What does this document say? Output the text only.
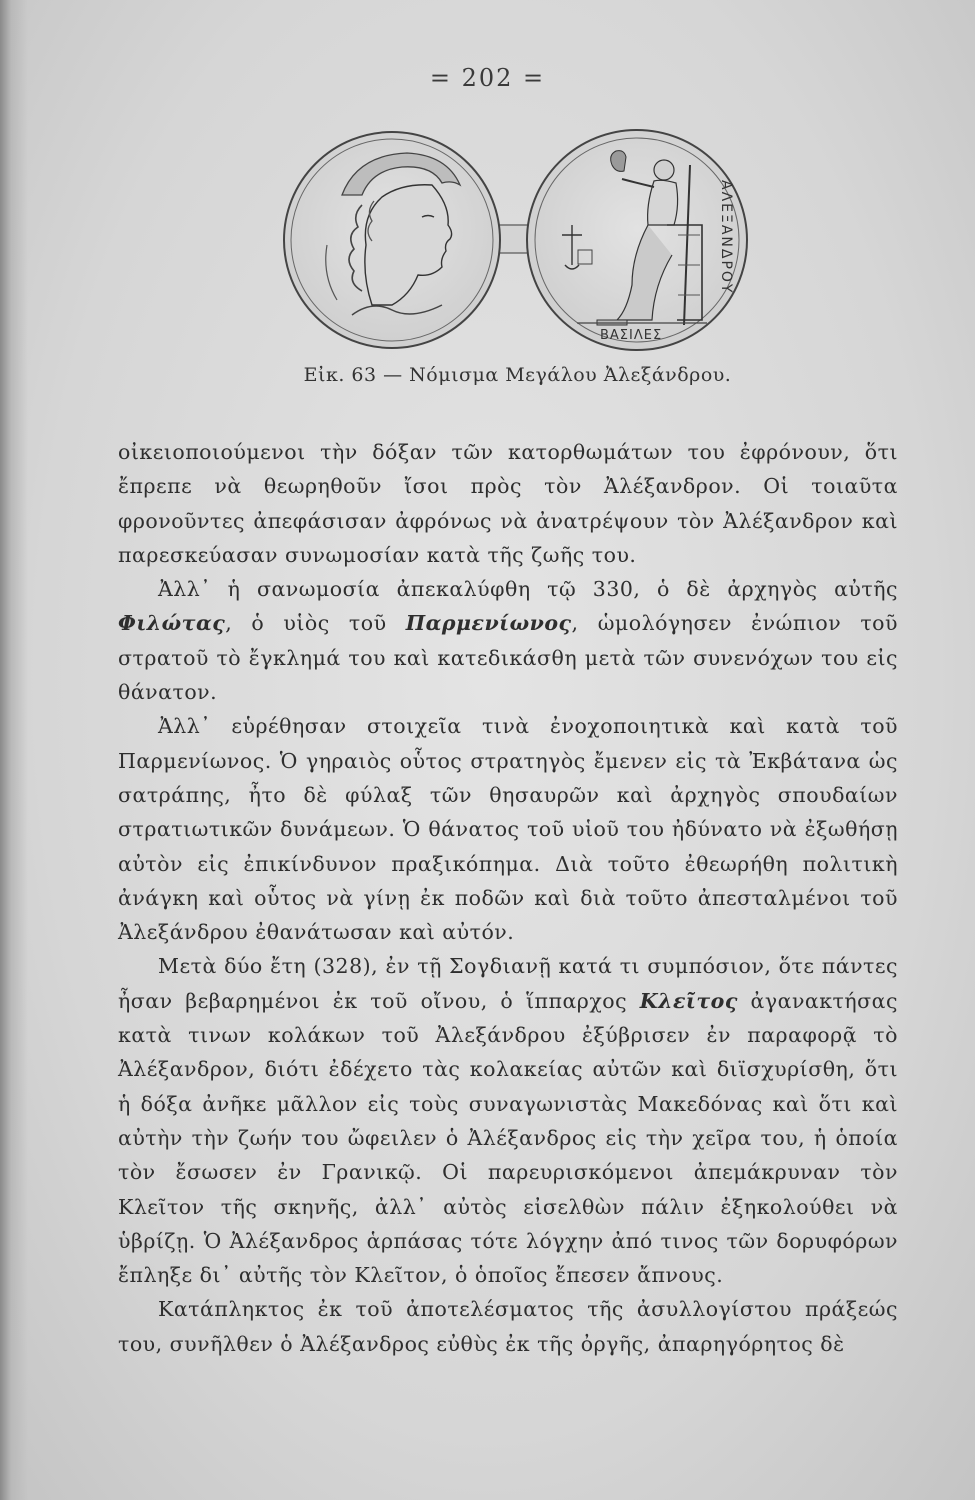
= 202 =
ΑΛΕΞΑΝΔΡΟΥ
ΒΑΣΙΛΕΣ
Εἰκ. 63 — Νόμισμα Μεγάλου Ἀλεξάνδρου.

οἰκειοποιούμενοι τὴν δόξαν τῶν κατορθωμάτων του ἐφρόνουν, ὅτι ἔπρεπε νὰ θεωρηθοῦν ἴσοι πρὸς τὸν Ἀλέξανδρον. Οἱ τοιαῦτα φρονοῦντες ἀπεφάσισαν ἀφρόνως νὰ ἀνατρέψουν τὸν Ἀλέξανδρον καὶ παρεσκεύασαν συνωμοσίαν κατὰ τῆς ζωῆς του.

Ἀλλ᾽ ἡ σανωμοσία ἀπεκαλύφθη τῷ 330, ὁ δὲ ἀρχηγὸς αὐτῆς Φιλώτας, ὁ υἱὸς τοῦ Παρμενίωνος, ὡμολόγησεν ἐνώπιον τοῦ στρατοῦ τὸ ἔγκλημά του καὶ κατεδικάσθη μετὰ τῶν συνενόχων του εἰς θάνατον.

Ἀλλ᾽ εὑρέθησαν στοιχεῖα τινὰ ἐνοχοποιητικὰ καὶ κατὰ τοῦ Παρμενίωνος. Ὁ γηραιὸς οὗτος στρατηγὸς ἔμενεν εἰς τὰ Ἐκβάτανα ὡς σατράπης, ἦτο δὲ φύλαξ τῶν θησαυρῶν καὶ ἀρχηγὸς σπουδαίων στρατιωτικῶν δυνάμεων. Ὁ θάνατος τοῦ υἱοῦ του ἠδύνατο νὰ ἐξωθήσῃ αὐτὸν εἰς ἐπικίνδυνον πραξικόπημα. Διὰ τοῦτο ἐθεωρήθη πολιτικὴ ἀνάγκη καὶ οὗτος νὰ γίνῃ ἐκ ποδῶν καὶ διὰ τοῦτο ἀπεσταλμένοι τοῦ Ἀλεξάνδρου ἐθανάτωσαν καὶ αὐτόν.

Μετὰ δύο ἔτη (328), ἐν τῇ Σογδιανῇ κατά τι συμπόσιον, ὅτε πάντες ἦσαν βεβαρημένοι ἐκ τοῦ οἴνου, ὁ ἵππαρχος Κλεῖτος ἀγανακτήσας κατὰ τινων κολάκων τοῦ Ἀλεξάνδρου ἐξύβρισεν ἐν παραφορᾷ τὸ Ἀλέξανδρον, διότι ἐδέχετο τὰς κολακείας αὐτῶν καὶ διϊσχυρίσθη, ὅτι ἡ δόξα ἀνῆκε μᾶλλον εἰς τοὺς συναγωνιστὰς Μακεδόνας καὶ ὅτι καὶ αὐτὴν τὴν ζωήν του ὤφειλεν ὁ Ἀλέξανδρος εἰς τὴν χεῖρα του, ἡ ὁποία τὸν ἔσωσεν ἐν Γρανικῷ. Οἱ παρευρισκόμενοι ἀπεμάκρυναν τὸν Κλεῖτον τῆς σκηνῆς, ἀλλ᾽ αὐτὸς εἰσελθὼν πάλιν ἐξηκολούθει νὰ ὑβρίζῃ. Ὁ Ἀλέξανδρος ἁρπάσας τότε λόγχην ἀπό τινος τῶν δορυφόρων ἔπληξε δι᾽ αὐτῆς τὸν Κλεῖτον, ὁ ὁποῖος ἔπεσεν ἄπνους.

Κατάπληκτος ἐκ τοῦ ἀποτελέσματος τῆς ἀσυλλογίστου πράξεώς του, συνῆλθεν ὁ Ἀλέξανδρος εὐθὺς ἐκ τῆς ὀργῆς, ἀπαρηγόρητος δὲ
